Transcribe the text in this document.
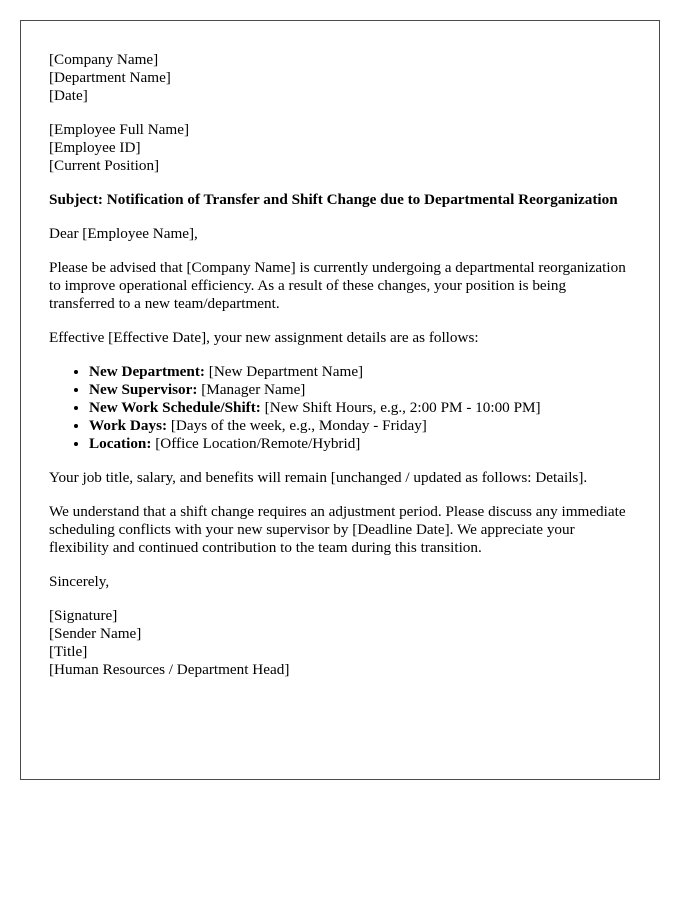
[Company Name]
[Department Name]
[Date]
[Employee Full Name]
[Employee ID]
[Current Position]

Subject: Notification of Transfer and Shift Change due to Departmental Reorganization

Dear [Employee Name],

Please be advised that [Company Name] is currently undergoing a departmental reorganization to improve operational efficiency. As a result of these changes, your position is being transferred to a new team/department.

Effective [Effective Date], your new assignment details are as follows:

• New Department: [New Department Name]
• New Supervisor: [Manager Name]
• New Work Schedule/Shift: [New Shift Hours, e.g., 2:00 PM - 10:00 PM]
• Work Days: [Days of the week, e.g., Monday - Friday]
• Location: [Office Location/Remote/Hybrid]

Your job title, salary, and benefits will remain [unchanged / updated as follows: Details].

We understand that a shift change requires an adjustment period. Please discuss any immediate scheduling conflicts with your new supervisor by [Deadline Date]. We appreciate your flexibility and continued contribution to the team during this transition.

Sincerely,

[Signature]
[Sender Name]
[Title]
[Human Resources / Department Head]
